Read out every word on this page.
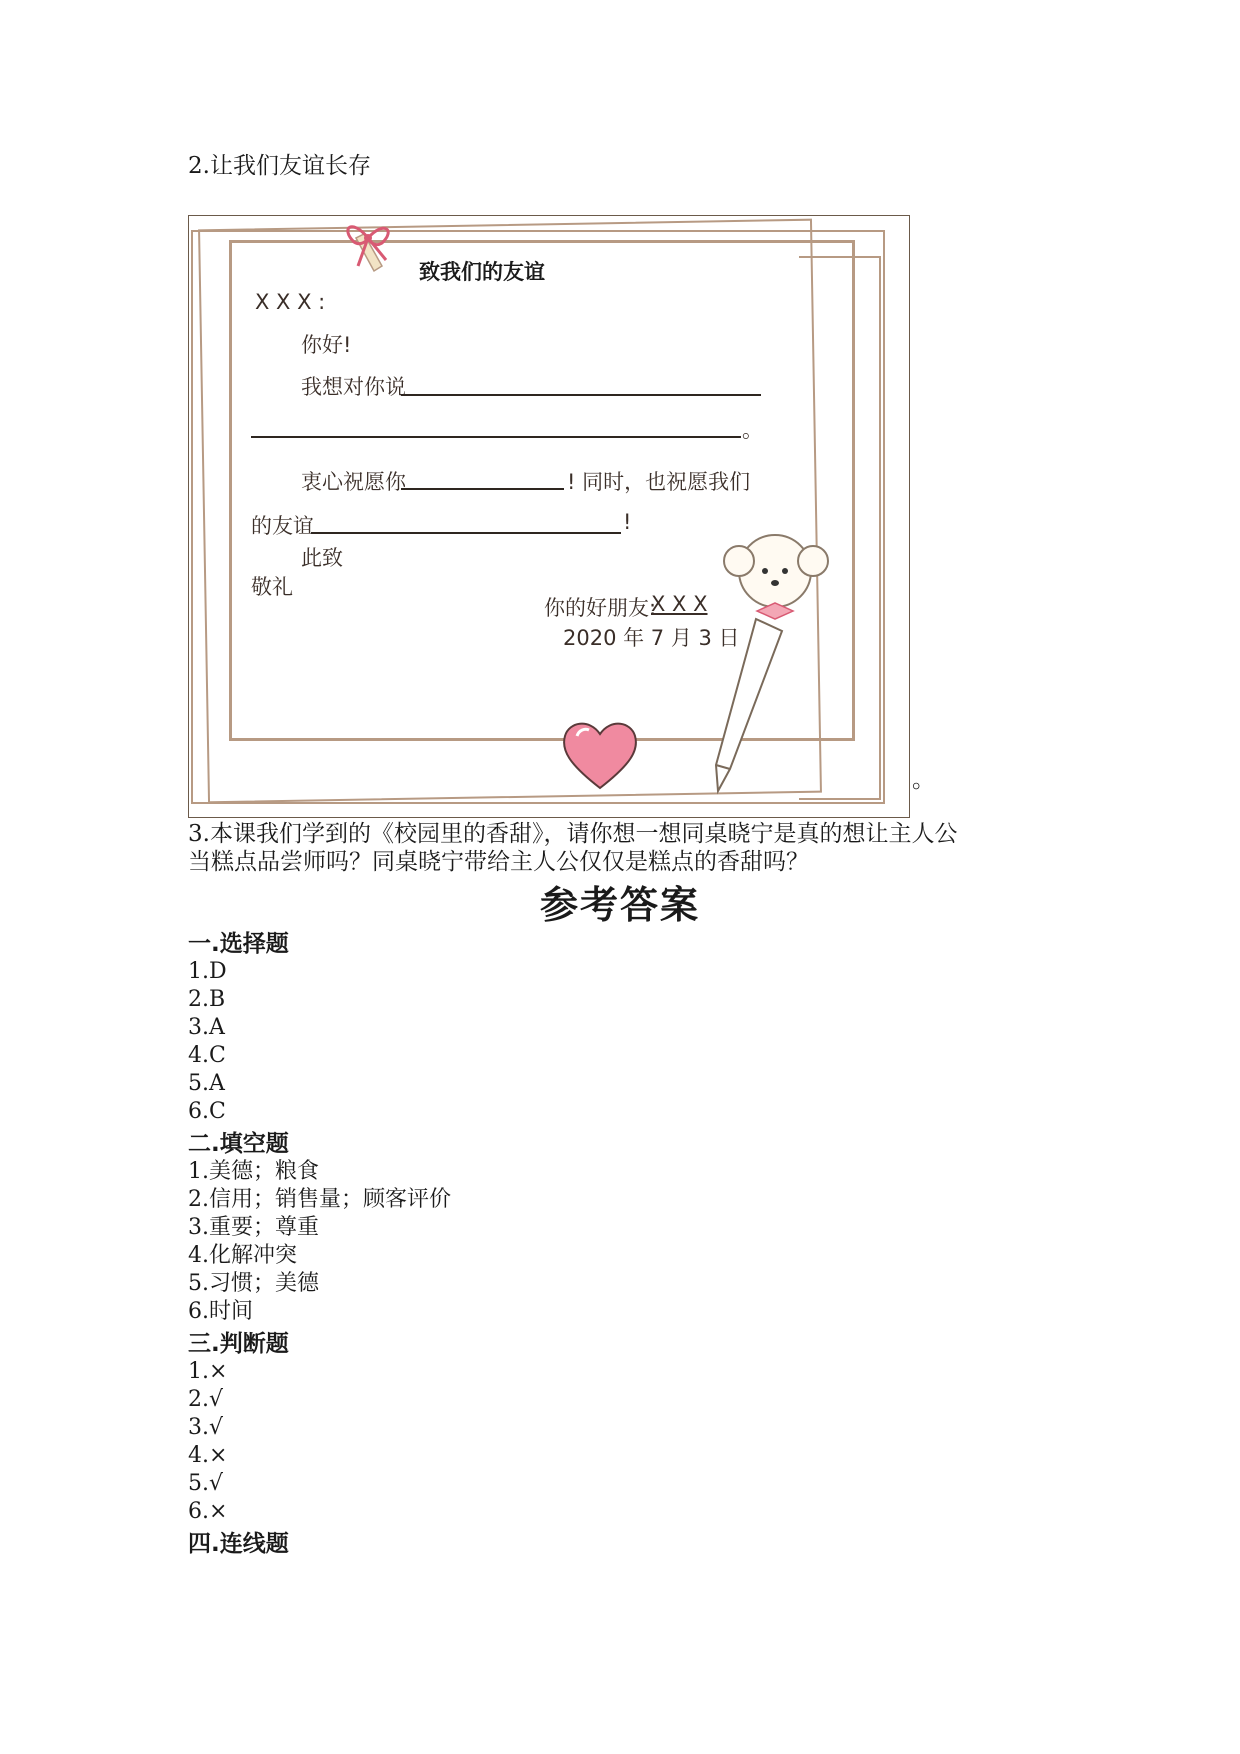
2.让我们友谊长存
致我们的友谊
X X X :
你好!
我想对你说
。
衷心祝愿你	! 同时，也祝愿我们
的友谊	!
此致
敬礼
你的好朋友:
X X X
2020 年 7 月 3 日
。
3.本课我们学到的《校园里的香甜》，请你想一想同桌晓宁是真的想让主人公
当糕点品尝师吗？同桌晓宁带给主人公仅仅是糕点的香甜吗？
参考答案
一.选择题
1.D
2.B
3.A
4.C
5.A
6.C
二.填空题
1.美德；粮食
2.信用；销售量；顾客评价
3.重要；尊重
4.化解冲突
5.习惯；美德
6.时间
三.判断题
1.×
2.√
3.√
4.×
5.√
6.×
四.连线题
